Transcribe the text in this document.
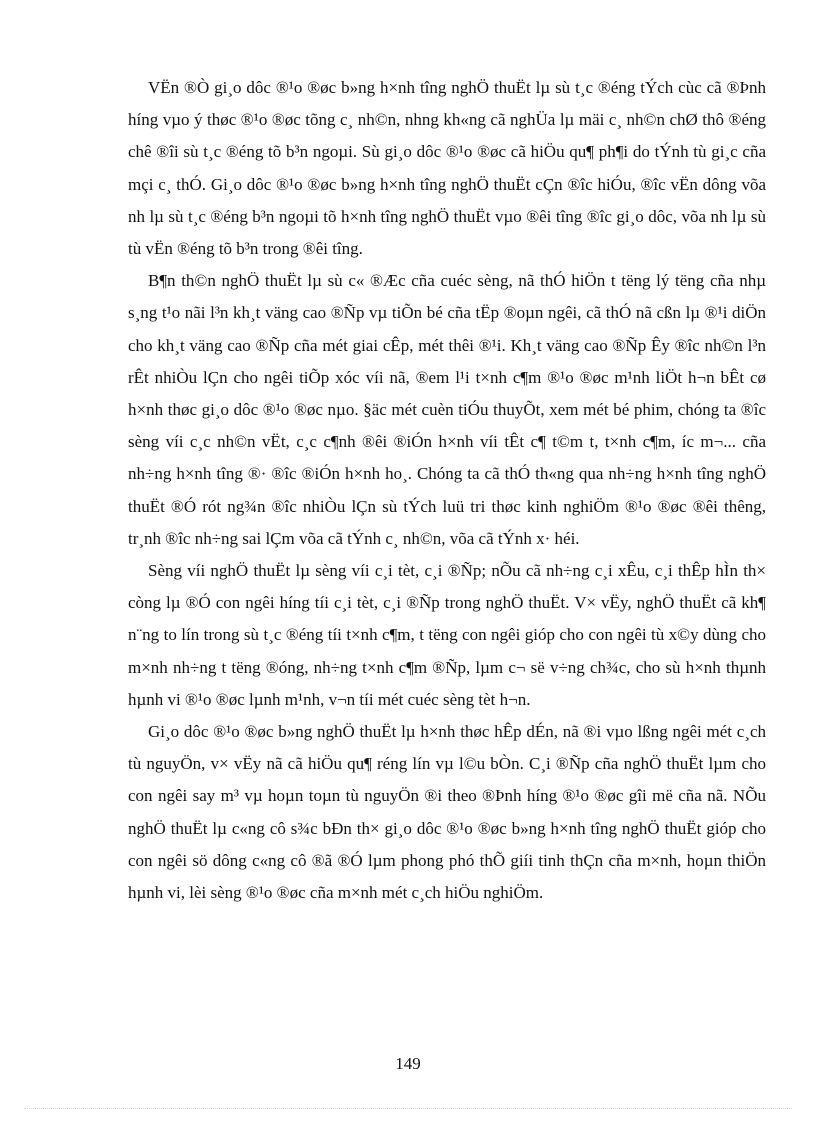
VËn ®Ò gi¸o dôc ®¹o ®øc b»ng h×nh tîng nghÖ thuËt lµ sù t¸c ®éng tÝch cùc cã ®Þnh híng vµo ý thøc ®¹o ®øc tõng c¸ nh©n, nhng kh«ng cã nghÜa lµ mäi c¸ nh©n chØ thô ®éng chê ®îi sù t¸c ®éng tõ b³n ngoµi. Sù gi¸o dôc ®¹o ®øc cã hiÖu qu¶ ph¶i do tÝnh tù gi¸c cña mçi c¸ thÓ. Gi¸o dôc ®¹o ®øc b»ng h×nh tîng nghÖ thuËt cÇn ®îc hiÓu, ®îc vËn dông võa nh lµ sù t¸c ®éng b³n ngoµi tõ h×nh tîng nghÖ thuËt vµo ®êi tîng ®îc gi¸o dôc, võa nh lµ sù tù vËn ®éng tõ b³n trong ®êi tîng.

B¶n th©n nghÖ thuËt lµ sù c« ®Æc cña cuéc sèng, nã thÓ hiÖn t tëng lý tëng cña nhµ s¸ng t¹o nãi l³n kh¸t väng cao ®Ñp vµ tiÕn bé cña tËp ®oµn ngêi, cã thÓ nã cßn lµ ®¹i diÖn cho kh¸t väng cao ®Ñp cña mét giai cÊp, mét thêi ®¹i. Kh¸t väng cao ®Ñp Êy ®îc nh©n l³n rÊt nhiÒu lÇn cho ngêi tiÕp xóc víi nã, ®em l¹i t×nh c¶m ®¹o ®øc m¹nh liÖt h¬n bÊt cø h×nh thøc gi¸o dôc ®¹o ®øc nµo. §äc mét cuèn tiÓu thuyÕt, xem mét bé phim, chóng ta ®îc sèng víi c¸c nh©n vËt, c¸c c¶nh ®êi ®iÓn h×nh víi tÊt c¶ t©m t, t×nh c¶m, íc m¬... cña nh÷ng h×nh tîng ®· ®îc ®iÓn h×nh ho¸. Chóng ta cã thÓ th«ng qua nh÷ng h×nh tîng nghÖ thuËt ®Ó rót ng¾n ®îc nhiÒu lÇn sù tÝch luü tri thøc kinh nghiÖm ®¹o ®øc ®êi thêng, tr¸nh ®îc nh÷ng sai lÇm võa cã tÝnh c¸ nh©n, võa cã tÝnh x· héi.

Sèng víi nghÖ thuËt lµ sèng víi c¸i tèt, c¸i ®Ñp; nÕu cã nh÷ng c¸i xÊu, c¸i thÊp hÌn th× còng lµ ®Ó con ngêi híng tíi c¸i tèt, c¸i ®Ñp trong nghÖ thuËt. V× vËy, nghÖ thuËt cã kh¶ n¨ng to lín trong sù t¸c ®éng tíi t×nh c¶m, t tëng con ngêi gióp cho con ngêi tù x©y dùng cho m×nh nh÷ng t tëng ®óng, nh÷ng t×nh c¶m ®Ñp, lµm c¬ së v÷ng ch¾c, cho sù h×nh thµnh hµnh vi ®¹o ®øc lµnh m¹nh, v¬n tíi mét cuéc sèng tèt h¬n.

Gi¸o dôc ®¹o ®øc b»ng nghÖ thuËt lµ h×nh thøc hÊp dÉn, nã ®i vµo lßng ngêi mét c¸ch tù nguyÖn, v× vËy nã cã hiÖu qu¶ réng lín vµ l©u bÒn. C¸i ®Ñp cña nghÖ thuËt lµm cho con ngêi say m³ vµ hoµn toµn tù nguyÖn ®i theo ®Þnh híng ®¹o ®øc gîi më cña nã. NÕu nghÖ thuËt lµ c«ng cô s¾c bÐn th× gi¸o dôc ®¹o ®øc b»ng h×nh tîng nghÖ thuËt gióp cho con ngêi sö dông c«ng cô ®ã ®Ó lµm phong phó thÕ giíi tinh thÇn cña m×nh, hoµn thiÖn hµnh vi, lèi sèng ®¹o ®øc cña m×nh mét c¸ch hiÖu nghiÖm.

149
